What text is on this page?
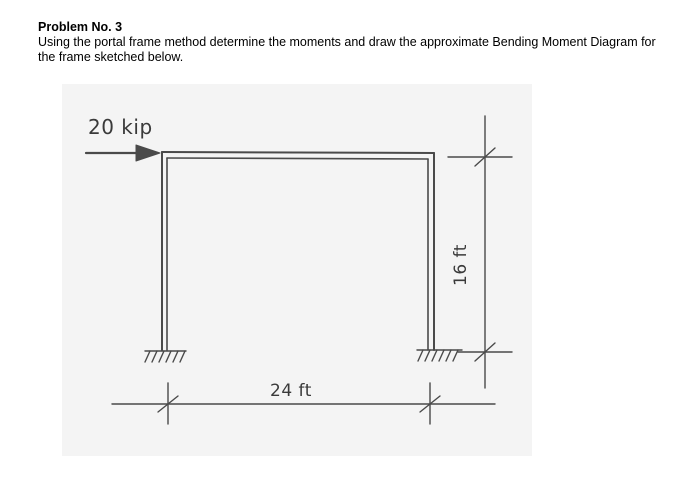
Problem No. 3

Using the portal frame method determine the moments and draw the approximate Bending Moment Diagram for

the frame sketched below.

20 kip
24 ft
16 ft
